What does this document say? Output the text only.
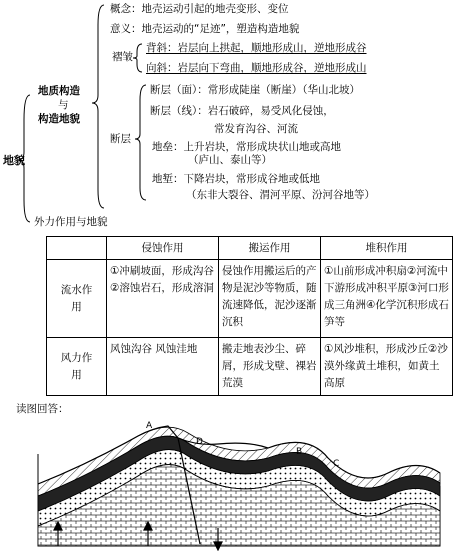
地貌
地质构造
与
构造地貌
概念：地壳运动引起的地壳变形、变位
意义：地壳运动的“足迹”，塑造构造地貌
褶皱
背斜：岩层向上拱起，顺地形成山，逆地形成谷
向斜：岩层向下弯曲，顺地形成谷，逆地形成山
断层
断层（面）：常形成陡崖（断崖）（华山北坡）
断层（线）：岩石破碎，易受风化侵蚀，
常发育沟谷、河流
地垒：上升岩块，常形成块状山地或高地
（庐山、泰山等）
地堑：下降岩块，常形成谷地或低地
（东非大裂谷、渭河平原、汾河谷地等）
外力作用与地貌
	侵蚀作用	搬运作用	堆积作用
流水作用	①冲刷坡面，形成沟谷 ②溶蚀岩石，形成溶洞	侵蚀作用搬运后的产物是泥沙等物质，随流速降低，泥沙逐渐沉积	①山前形成冲积扇②河流中下游形成冲积平原③河口形成三角洲④化学沉积形成石笋等
风力作用	风蚀沟谷 风蚀洼地	搬走地表沙尘、碎屑，形成戈壁、裸岩荒漠	①风沙堆积，形成沙丘②沙漠外缘黄土堆积，如黄土高原
读图回答：
A
B
C
D
